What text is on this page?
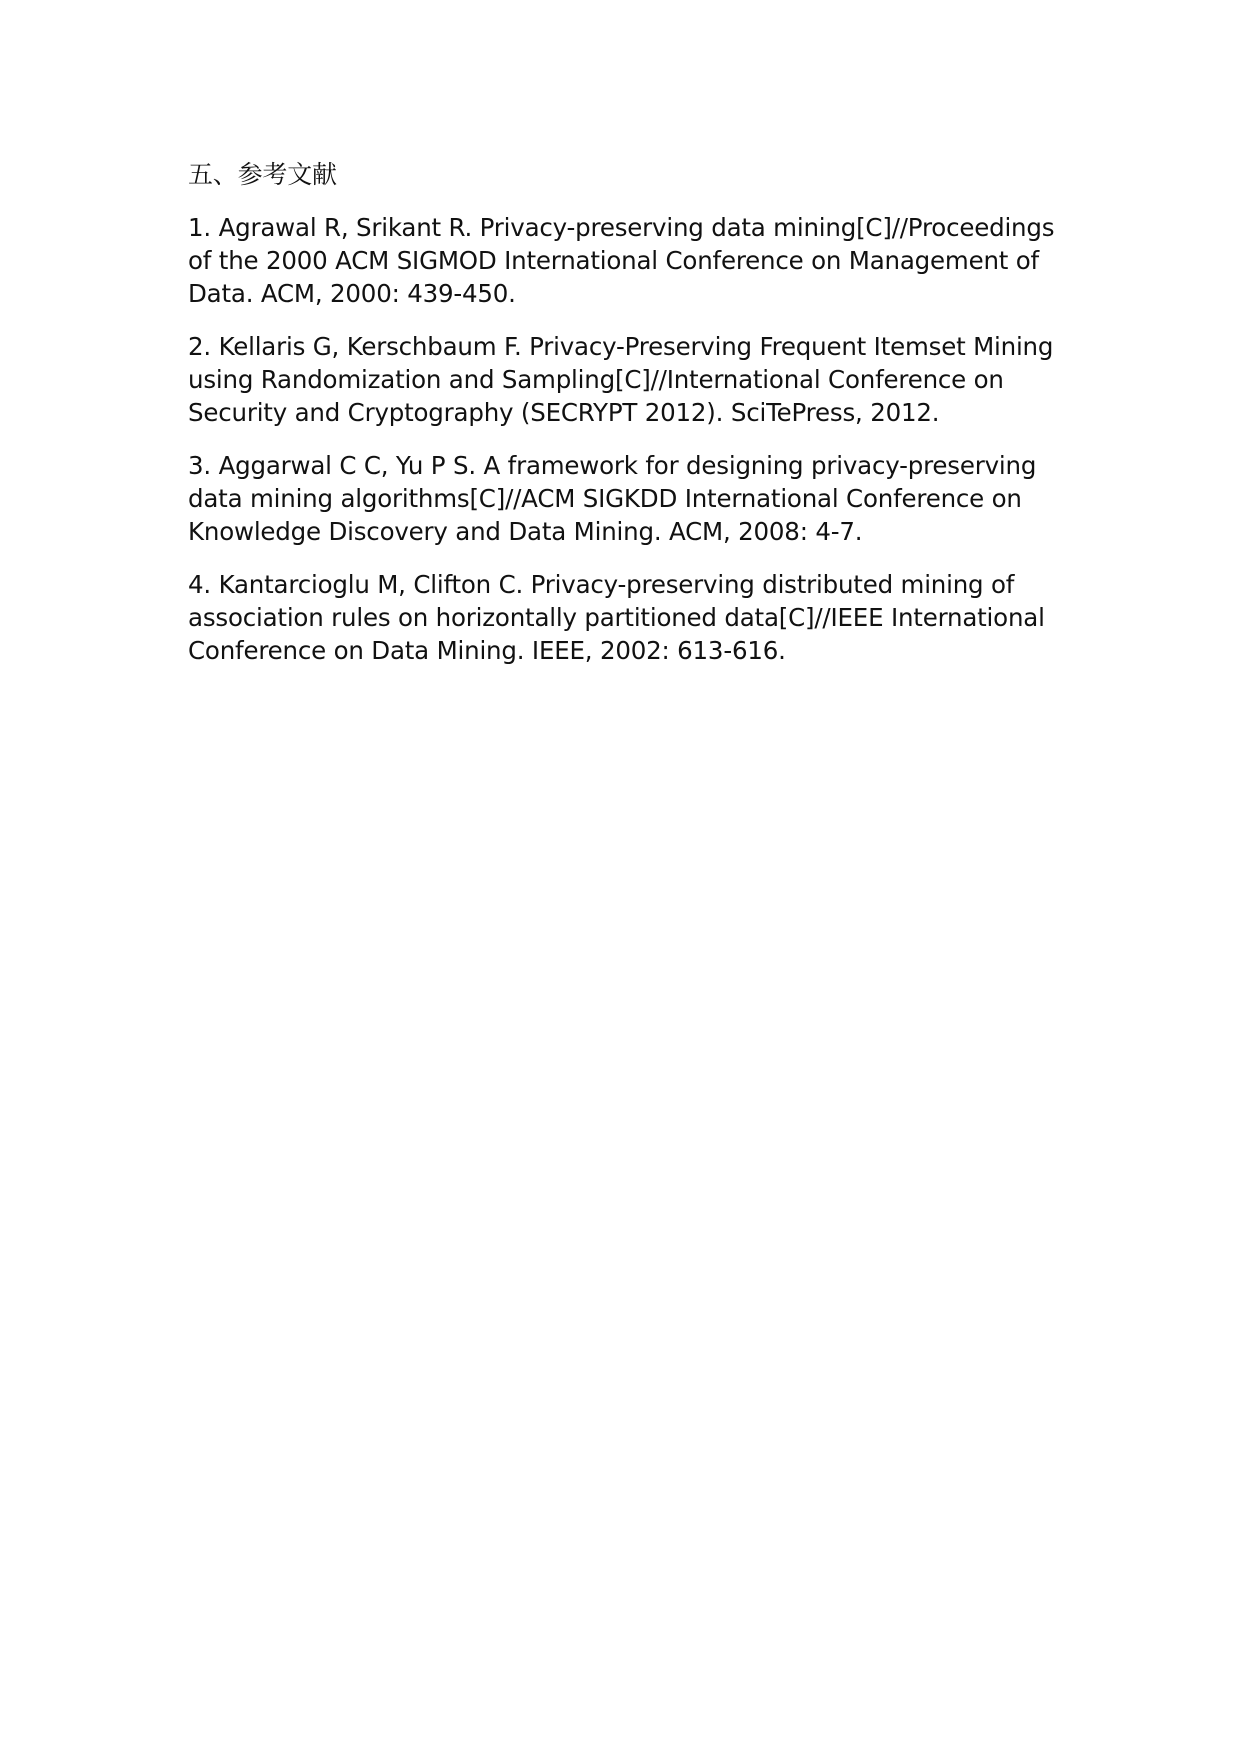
五、参考文献
1. Agrawal R, Srikant R. Privacy-preserving data mining[C]//Proceedings of the 2000 ACM SIGMOD International Conference on Management of Data. ACM, 2000: 439-450.
2. Kellaris G, Kerschbaum F. Privacy-Preserving Frequent Itemset Mining using Randomization and Sampling[C]//International Conference on Security and Cryptography (SECRYPT 2012). SciTePress, 2012.
3. Aggarwal C C, Yu P S. A framework for designing privacy-preserving data mining algorithms[C]//ACM SIGKDD International Conference on Knowledge Discovery and Data Mining. ACM, 2008: 4-7.
4. Kantarcioglu M, Clifton C. Privacy-preserving distributed mining of association rules on horizontally partitioned data[C]//IEEE International Conference on Data Mining. IEEE, 2002: 613-616.
